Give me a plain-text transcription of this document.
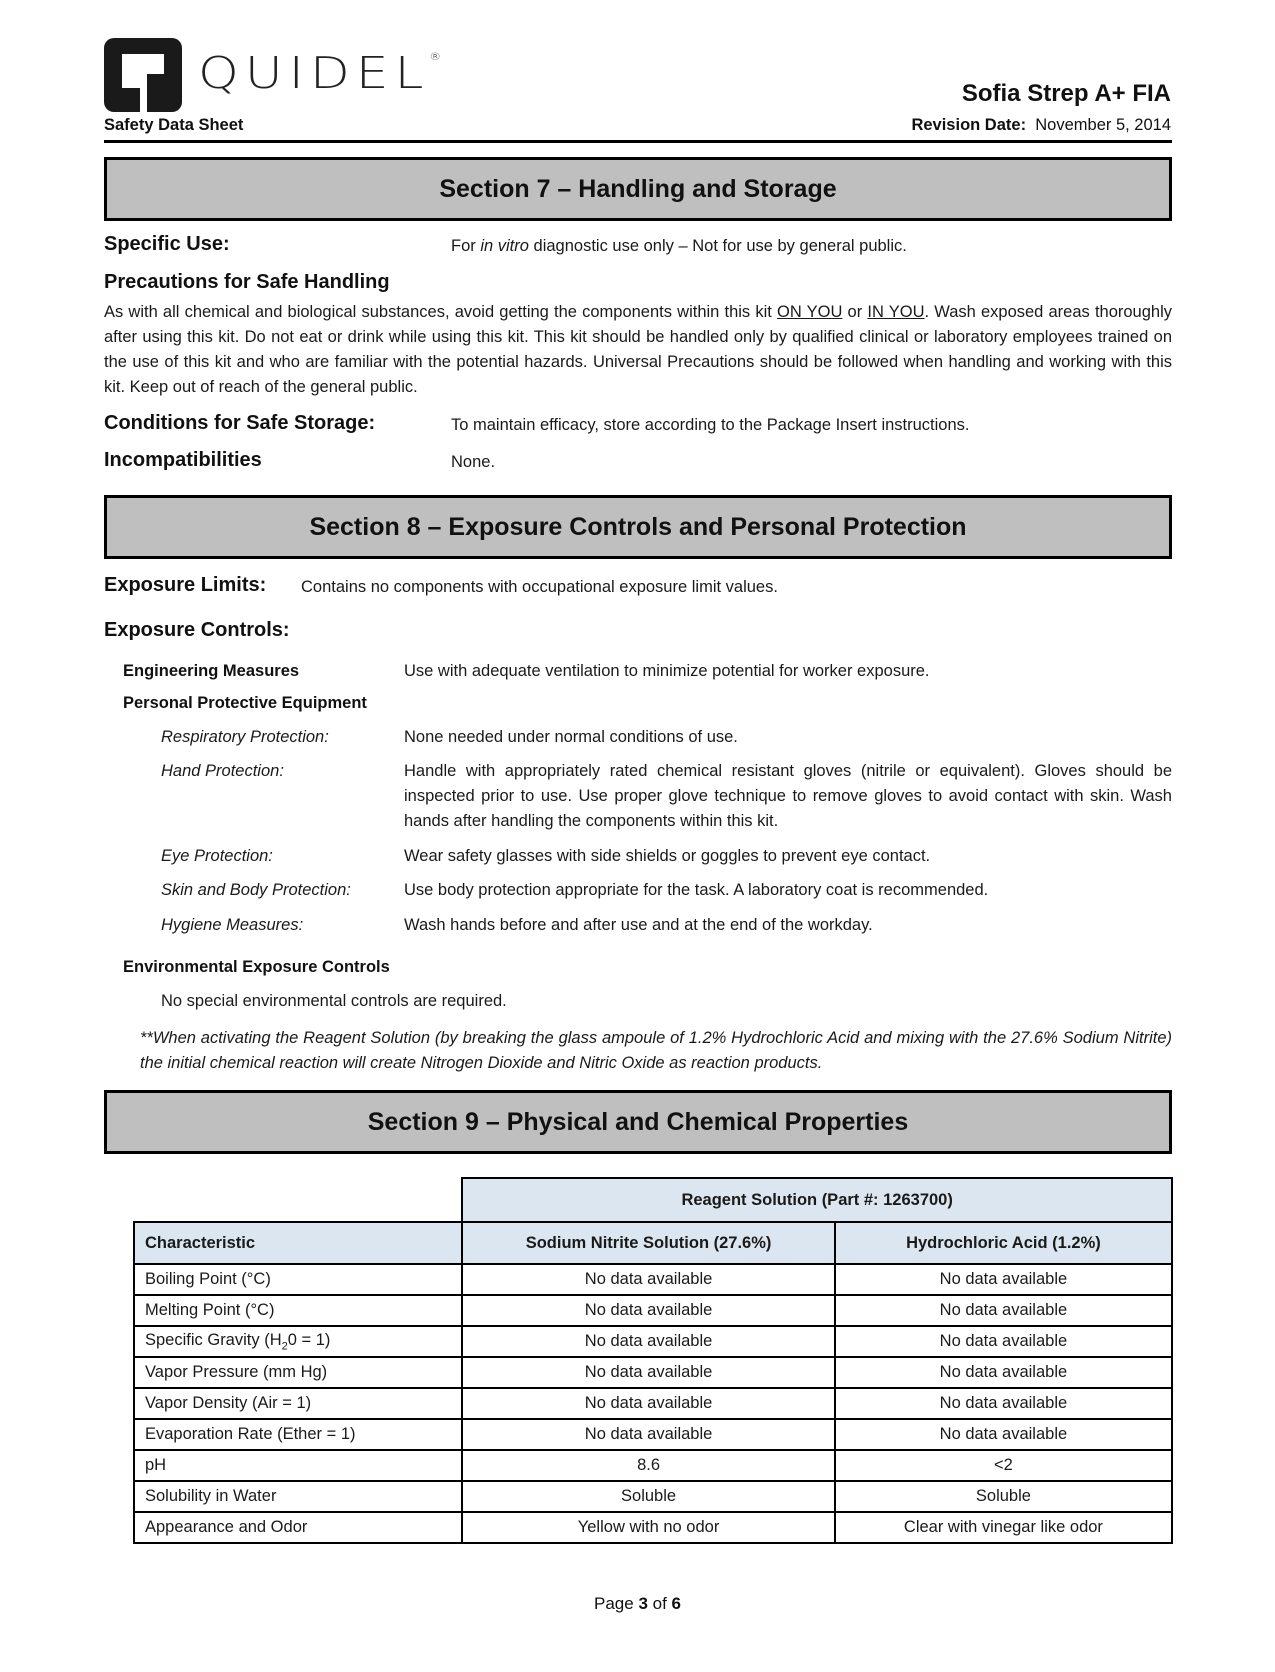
QUIDEL®
Safety Data Sheet
Sofia Strep A+ FIA
Revision Date: November 5, 2014
Section 7 – Handling and Storage
Specific Use:	For in vitro diagnostic use only – Not for use by general public.
Precautions for Safe Handling
As with all chemical and biological substances, avoid getting the components within this kit ON YOU or IN YOU. Wash exposed areas thoroughly after using this kit. Do not eat or drink while using this kit. This kit should be handled only by qualified clinical or laboratory employees trained on the use of this kit and who are familiar with the potential hazards. Universal Precautions should be followed when handling and working with this kit. Keep out of reach of the general public.
Conditions for Safe Storage:	To maintain efficacy, store according to the Package Insert instructions.
Incompatibilities	None.
Section 8 – Exposure Controls and Personal Protection
Exposure Limits: Contains no components with occupational exposure limit values.
Exposure Controls:
Engineering Measures	Use with adequate ventilation to minimize potential for worker exposure.
Personal Protective Equipment
Respiratory Protection:	None needed under normal conditions of use.
Hand Protection:	Handle with appropriately rated chemical resistant gloves (nitrile or equivalent). Gloves should be inspected prior to use. Use proper glove technique to remove gloves to avoid contact with skin. Wash hands after handling the components within this kit.
Eye Protection:	Wear safety glasses with side shields or goggles to prevent eye contact.
Skin and Body Protection:	Use body protection appropriate for the task. A laboratory coat is recommended.
Hygiene Measures:	Wash hands before and after use and at the end of the workday.
Environmental Exposure Controls
No special environmental controls are required.
**When activating the Reagent Solution (by breaking the glass ampoule of 1.2% Hydrochloric Acid and mixing with the 27.6% Sodium Nitrite) the initial chemical reaction will create Nitrogen Dioxide and Nitric Oxide as reaction products.
Section 9 – Physical and Chemical Properties
	Reagent Solution (Part #: 1263700)	
Characteristic	Sodium Nitrite Solution (27.6%)	Hydrochloric Acid (1.2%)
Boiling Point (°C)	No data available	No data available
Melting Point (°C)	No data available	No data available
Specific Gravity $(H_20 = 1)$	No data available	No data available
Vapor Pressure (mm Hg)	No data available	No data available
Vapor Density (Air = 1)	No data available	No data available
Evaporation Rate (Ether = 1)	No data available	No data available
pH	8.6	<2
Solubility in Water	Soluble	Soluble
Appearance and Odor	Yellow with no odor	Clear with vinegar like odor
Page 3 of 6
